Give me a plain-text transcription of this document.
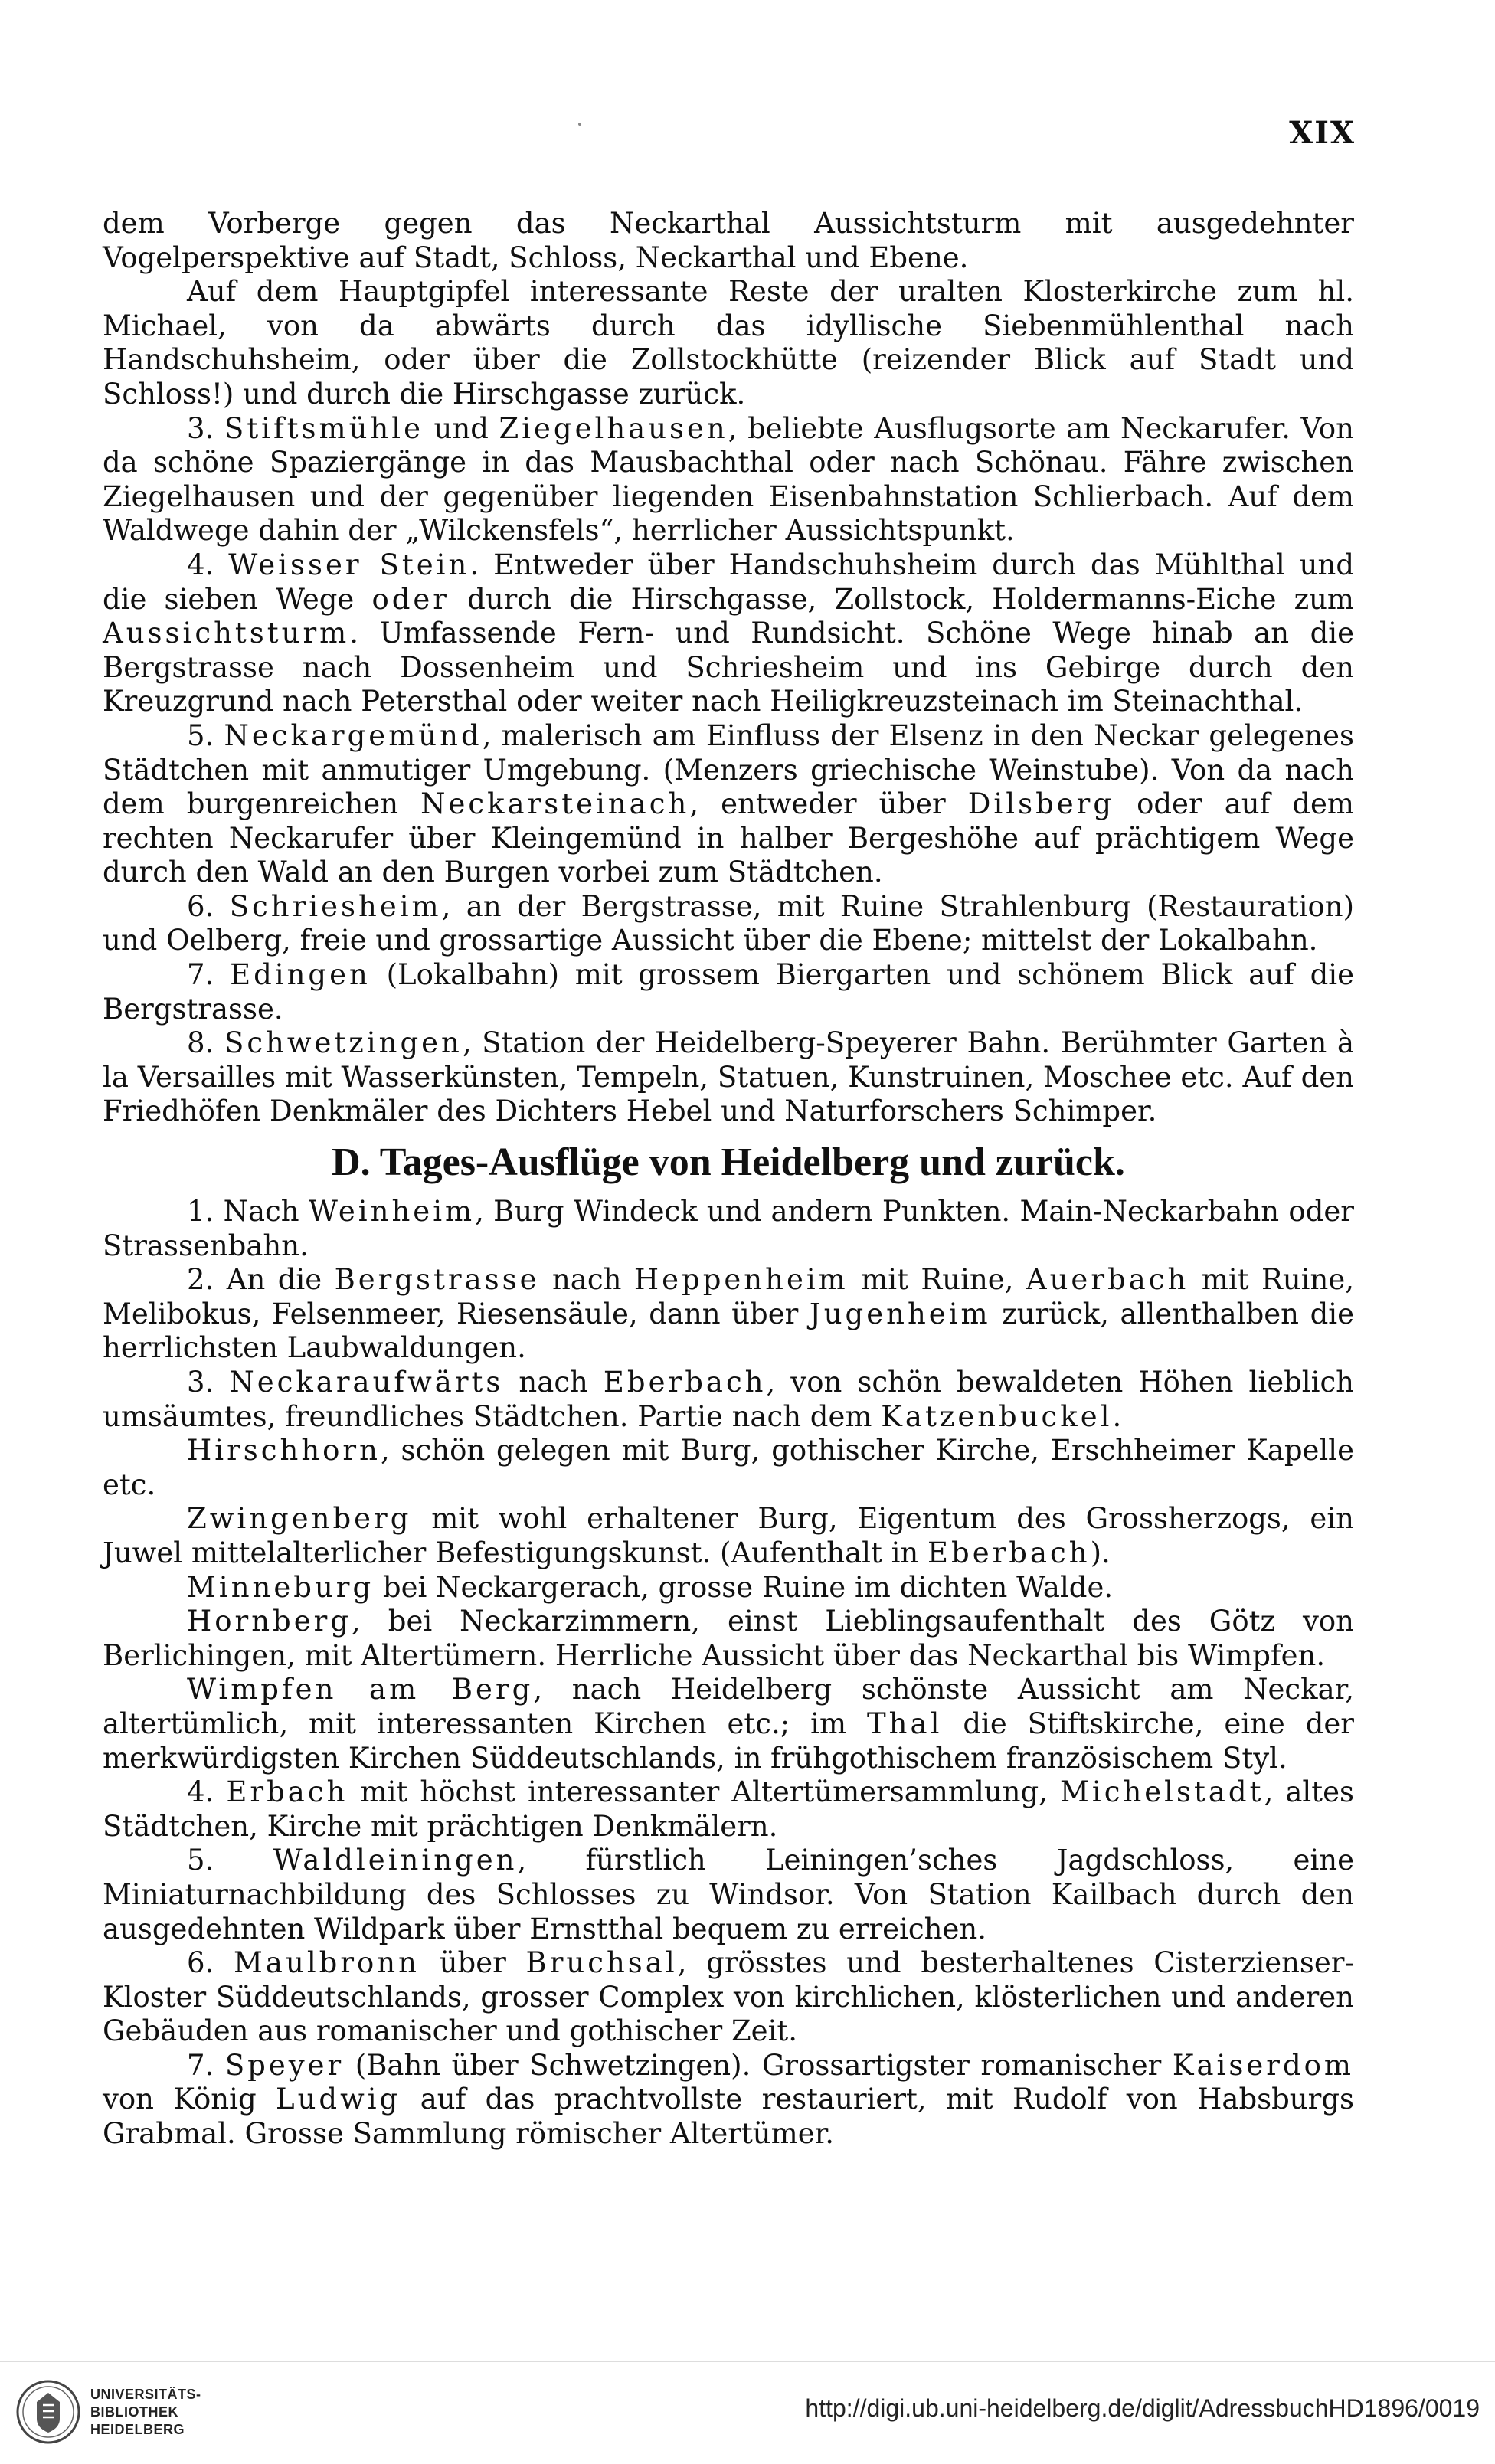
XIX

dem Vorberge gegen das Neckarthal Aussichtsturm mit ausgedehnter Vogelperspektive auf Stadt, Schloss, Neckarthal und Ebene.

Auf dem Hauptgipfel interessante Reste der uralten Klosterkirche zum hl. Michael, von da abwärts durch das idyllische Siebenmühlenthal nach Handschuhsheim, oder über die Zollstockhütte (reizender Blick auf Stadt und Schloss!) und durch die Hirschgasse zurück.

3. Stiftsmühle und Ziegelhausen, beliebte Ausflugsorte am Neckarufer. Von da schöne Spaziergänge in das Mausbachthal oder nach Schönau. Fähre zwischen Ziegelhausen und der gegenüber liegenden Eisenbahnstation Schlierbach. Auf dem Waldwege dahin der „Wilckensfels“, herrlicher Aussichtspunkt.

4. Weisser Stein. Entweder über Handschuhsheim durch das Mühlthal und die sieben Wege oder durch die Hirschgasse, Zollstock, Holdermanns-Eiche zum Aussichtsturm. Umfassende Fern- und Rundsicht. Schöne Wege hinab an die Bergstrasse nach Dossenheim und Schriesheim und ins Gebirge durch den Kreuzgrund nach Petersthal oder weiter nach Heiligkreuzsteinach im Steinachthal.

5. Neckargemünd, malerisch am Einfluss der Elsenz in den Neckar gelegenes Städtchen mit anmutiger Umgebung. (Menzers griechische Weinstube). Von da nach dem burgenreichen Neckarsteinach, entweder über Dilsberg oder auf dem rechten Neckarufer über Kleingemünd in halber Bergeshöhe auf prächtigem Wege durch den Wald an den Burgen vorbei zum Städtchen.

6. Schriesheim, an der Bergstrasse, mit Ruine Strahlenburg (Restauration) und Oelberg, freie und grossartige Aussicht über die Ebene; mittelst der Lokalbahn.

7. Edingen (Lokalbahn) mit grossem Biergarten und schönem Blick auf die Bergstrasse.

8. Schwetzingen, Station der Heidelberg-Speyerer Bahn. Berühmter Garten à la Versailles mit Wasserkünsten, Tempeln, Statuen, Kunstruinen, Moschee etc. Auf den Friedhöfen Denkmäler des Dichters Hebel und Naturforschers Schimper.

D. Tages-Ausflüge von Heidelberg und zurück.

1. Nach Weinheim, Burg Windeck und andern Punkten. Main-Neckarbahn oder Strassenbahn.

2. An die Bergstrasse nach Heppenheim mit Ruine, Auerbach mit Ruine, Melibokus, Felsenmeer, Riesensäule, dann über Jugenheim zurück, allenthalben die herrlichsten Laubwaldungen.

3. Neckaraufwärts nach Eberbach, von schön bewaldeten Höhen lieblich umsäumtes, freundliches Städtchen. Partie nach dem Katzenbuckel.

Hirschhorn, schön gelegen mit Burg, gothischer Kirche, Erschheimer Kapelle etc.

Zwingenberg mit wohl erhaltener Burg, Eigentum des Grossherzogs, ein Juwel mittelalterlicher Befestigungskunst. (Aufenthalt in Eberbach).

Minneburg bei Neckargerach, grosse Ruine im dichten Walde.

Hornberg, bei Neckarzimmern, einst Lieblingsaufenthalt des Götz von Berlichingen, mit Altertümern. Herrliche Aussicht über das Neckarthal bis Wimpfen.

Wimpfen am Berg, nach Heidelberg schönste Aussicht am Neckar, altertümlich, mit interessanten Kirchen etc.; im Thal die Stiftskirche, eine der merkwürdigsten Kirchen Süddeutschlands, in frühgothischem französischem Styl.

4. Erbach mit höchst interessanter Altertümersammlung, Michelstadt, altes Städtchen, Kirche mit prächtigen Denkmälern.

5. Waldleiningen, fürstlich Leiningen’sches Jagdschloss, eine Miniaturnachbildung des Schlosses zu Windsor. Von Station Kailbach durch den ausgedehnten Wildpark über Ernstthal bequem zu erreichen.

6. Maulbronn über Bruchsal, grösstes und besterhaltenes Cisterzienser-Kloster Süddeutschlands, grosser Complex von kirchlichen, klösterlichen und anderen Gebäuden aus romanischer und gothischer Zeit.

7. Speyer (Bahn über Schwetzingen). Grossartigster romanischer Kaiserdom von König Ludwig auf das prachtvollste restauriert, mit Rudolf von Habsburgs Grabmal. Grosse Sammlung römischer Altertümer.

UNIVERSITÄTS-
BIBLIOTHEK
HEIDELBERG
http://digi.ub.uni-heidelberg.de/diglit/AdressbuchHD1896/0019
